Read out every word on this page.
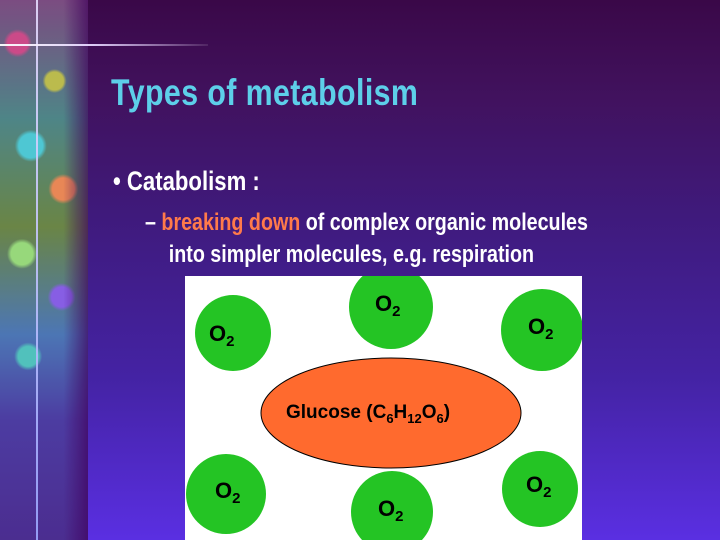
Types of metabolism
• Catabolism :
– breaking down of complex organic molecules
into simpler molecules, e.g. respiration
$O_2$
$O_2$
$O_2$
$O_2$	$O_2$
$O_2$
Glucose $(C_6H_{12}O_6)$
